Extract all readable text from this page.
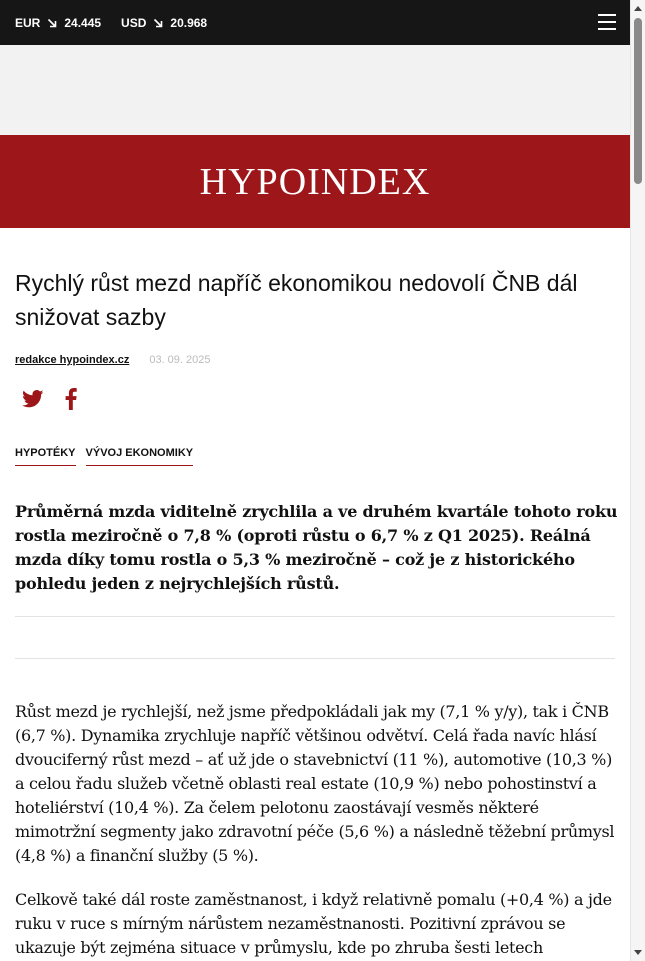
EUR 24.445 USD 20.968
HYPOINDEX
Rychlý růst mezd napříč ekonomikou nedovolí ČNB dál snižovat sazby
redakce hypoindex.cz 03. 09. 2025
HYPOTÉKY VÝVOJ EKONOMIKY

Průměrná mzda viditelně zrychlila a ve druhém kvartále tohoto roku rostla meziročně o 7,8 % (oproti růstu o 6,7 % z Q1 2025). Reálná mzda díky tomu rostla o 5,3 % meziročně – což je z historického pohledu jeden z nejrychlejších růstů.

Růst mezd je rychlejší, než jsme předpokládali jak my (7,1 % y/y), tak i ČNB (6,7 %). Dynamika zrychluje napříč většinou odvětví. Celá řada navíc hlásí dvouciferný růst mezd – ať už jde o stavebnictví (11 %), automotive (10,3 %) a celou řadu služeb včetně oblasti real estate (10,9 %) nebo pohostinství a hoteliérství (10,4 %). Za čelem pelotonu zaostávají vesměs některé mimotržní segmenty jako zdravotní péče (5,6 %) a následně těžební průmysl (4,8 %) a finanční služby (5 %).

Celkově také dál roste zaměstnanost, i když relativně pomalu (+0,4 %) a jde ruku v ruce s mírným nárůstem nezaměstnanosti. Pozitivní zprávou se ukazuje být zejména situace v průmyslu, kde po zhruba šesti letech
